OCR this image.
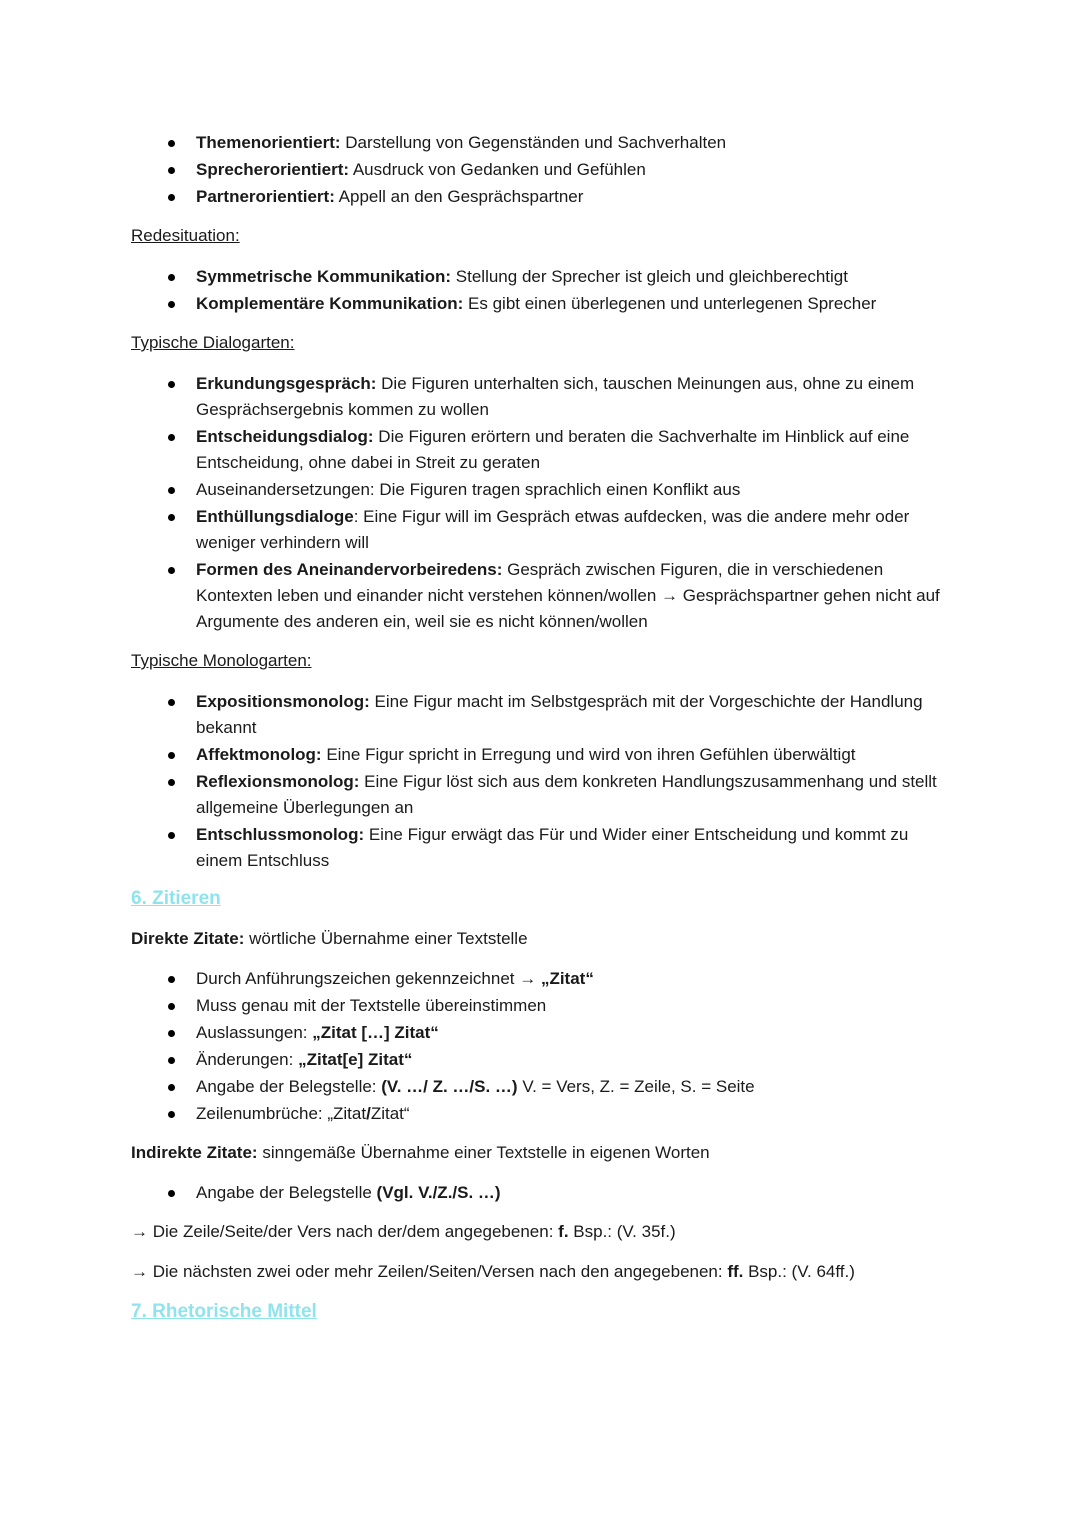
Themenorientiert: Darstellung von Gegenständen und Sachverhalten
Sprecherorientiert: Ausdruck von Gedanken und Gefühlen
Partnerorientiert: Appell an den Gesprächspartner
Redesituation:
Symmetrische Kommunikation: Stellung der Sprecher ist gleich und gleichberechtigt
Komplementäre Kommunikation: Es gibt einen überlegenen und unterlegenen Sprecher
Typische Dialogarten:
Erkundungsgespräch: Die Figuren unterhalten sich, tauschen Meinungen aus, ohne zu einem Gesprächsergebnis kommen zu wollen
Entscheidungsdialog: Die Figuren erörtern und beraten die Sachverhalte im Hinblick auf eine Entscheidung, ohne dabei in Streit zu geraten
Auseinandersetzungen: Die Figuren tragen sprachlich einen Konflikt aus
Enthüllungsdialoge: Eine Figur will im Gespräch etwas aufdecken, was die andere mehr oder weniger verhindern will
Formen des Aneinandervorbeiredens: Gespräch zwischen Figuren, die in verschiedenen Kontexten leben und einander nicht verstehen können/wollen → Gesprächspartner gehen nicht auf Argumente des anderen ein, weil sie es nicht können/wollen
Typische Monologarten:
Expositionsmonolog: Eine Figur macht im Selbstgespräch mit der Vorgeschichte der Handlung bekannt
Affektmonolog: Eine Figur spricht in Erregung und wird von ihren Gefühlen überwältigt
Reflexionsmonolog: Eine Figur löst sich aus dem konkreten Handlungszusammenhang und stellt allgemeine Überlegungen an
Entschlussmonolog: Eine Figur erwägt das Für und Wider einer Entscheidung und kommt zu einem Entschluss
6. Zitieren
Direkte Zitate: wörtliche Übernahme einer Textstelle
Durch Anführungszeichen gekennzeichnet → „Zitat“
Muss genau mit der Textstelle übereinstimmen
Auslassungen: „Zitat […] Zitat“
Änderungen: „Zitat[e] Zitat“
Angabe der Belegstelle: (V. …/ Z. …/S. …) V. = Vers, Z. = Zeile, S. = Seite
Zeilenumbrüche: „Zitat/Zitat“
Indirekte Zitate: sinngemäße Übernahme einer Textstelle in eigenen Worten
Angabe der Belegstelle (Vgl. V./Z./S. …)
→ Die Zeile/Seite/der Vers nach der/dem angegebenen: f. Bsp.: (V. 35f.)
→ Die nächsten zwei oder mehr Zeilen/Seiten/Versen nach den angegebenen: ff. Bsp.: (V. 64ff.)
7. Rhetorische Mittel
